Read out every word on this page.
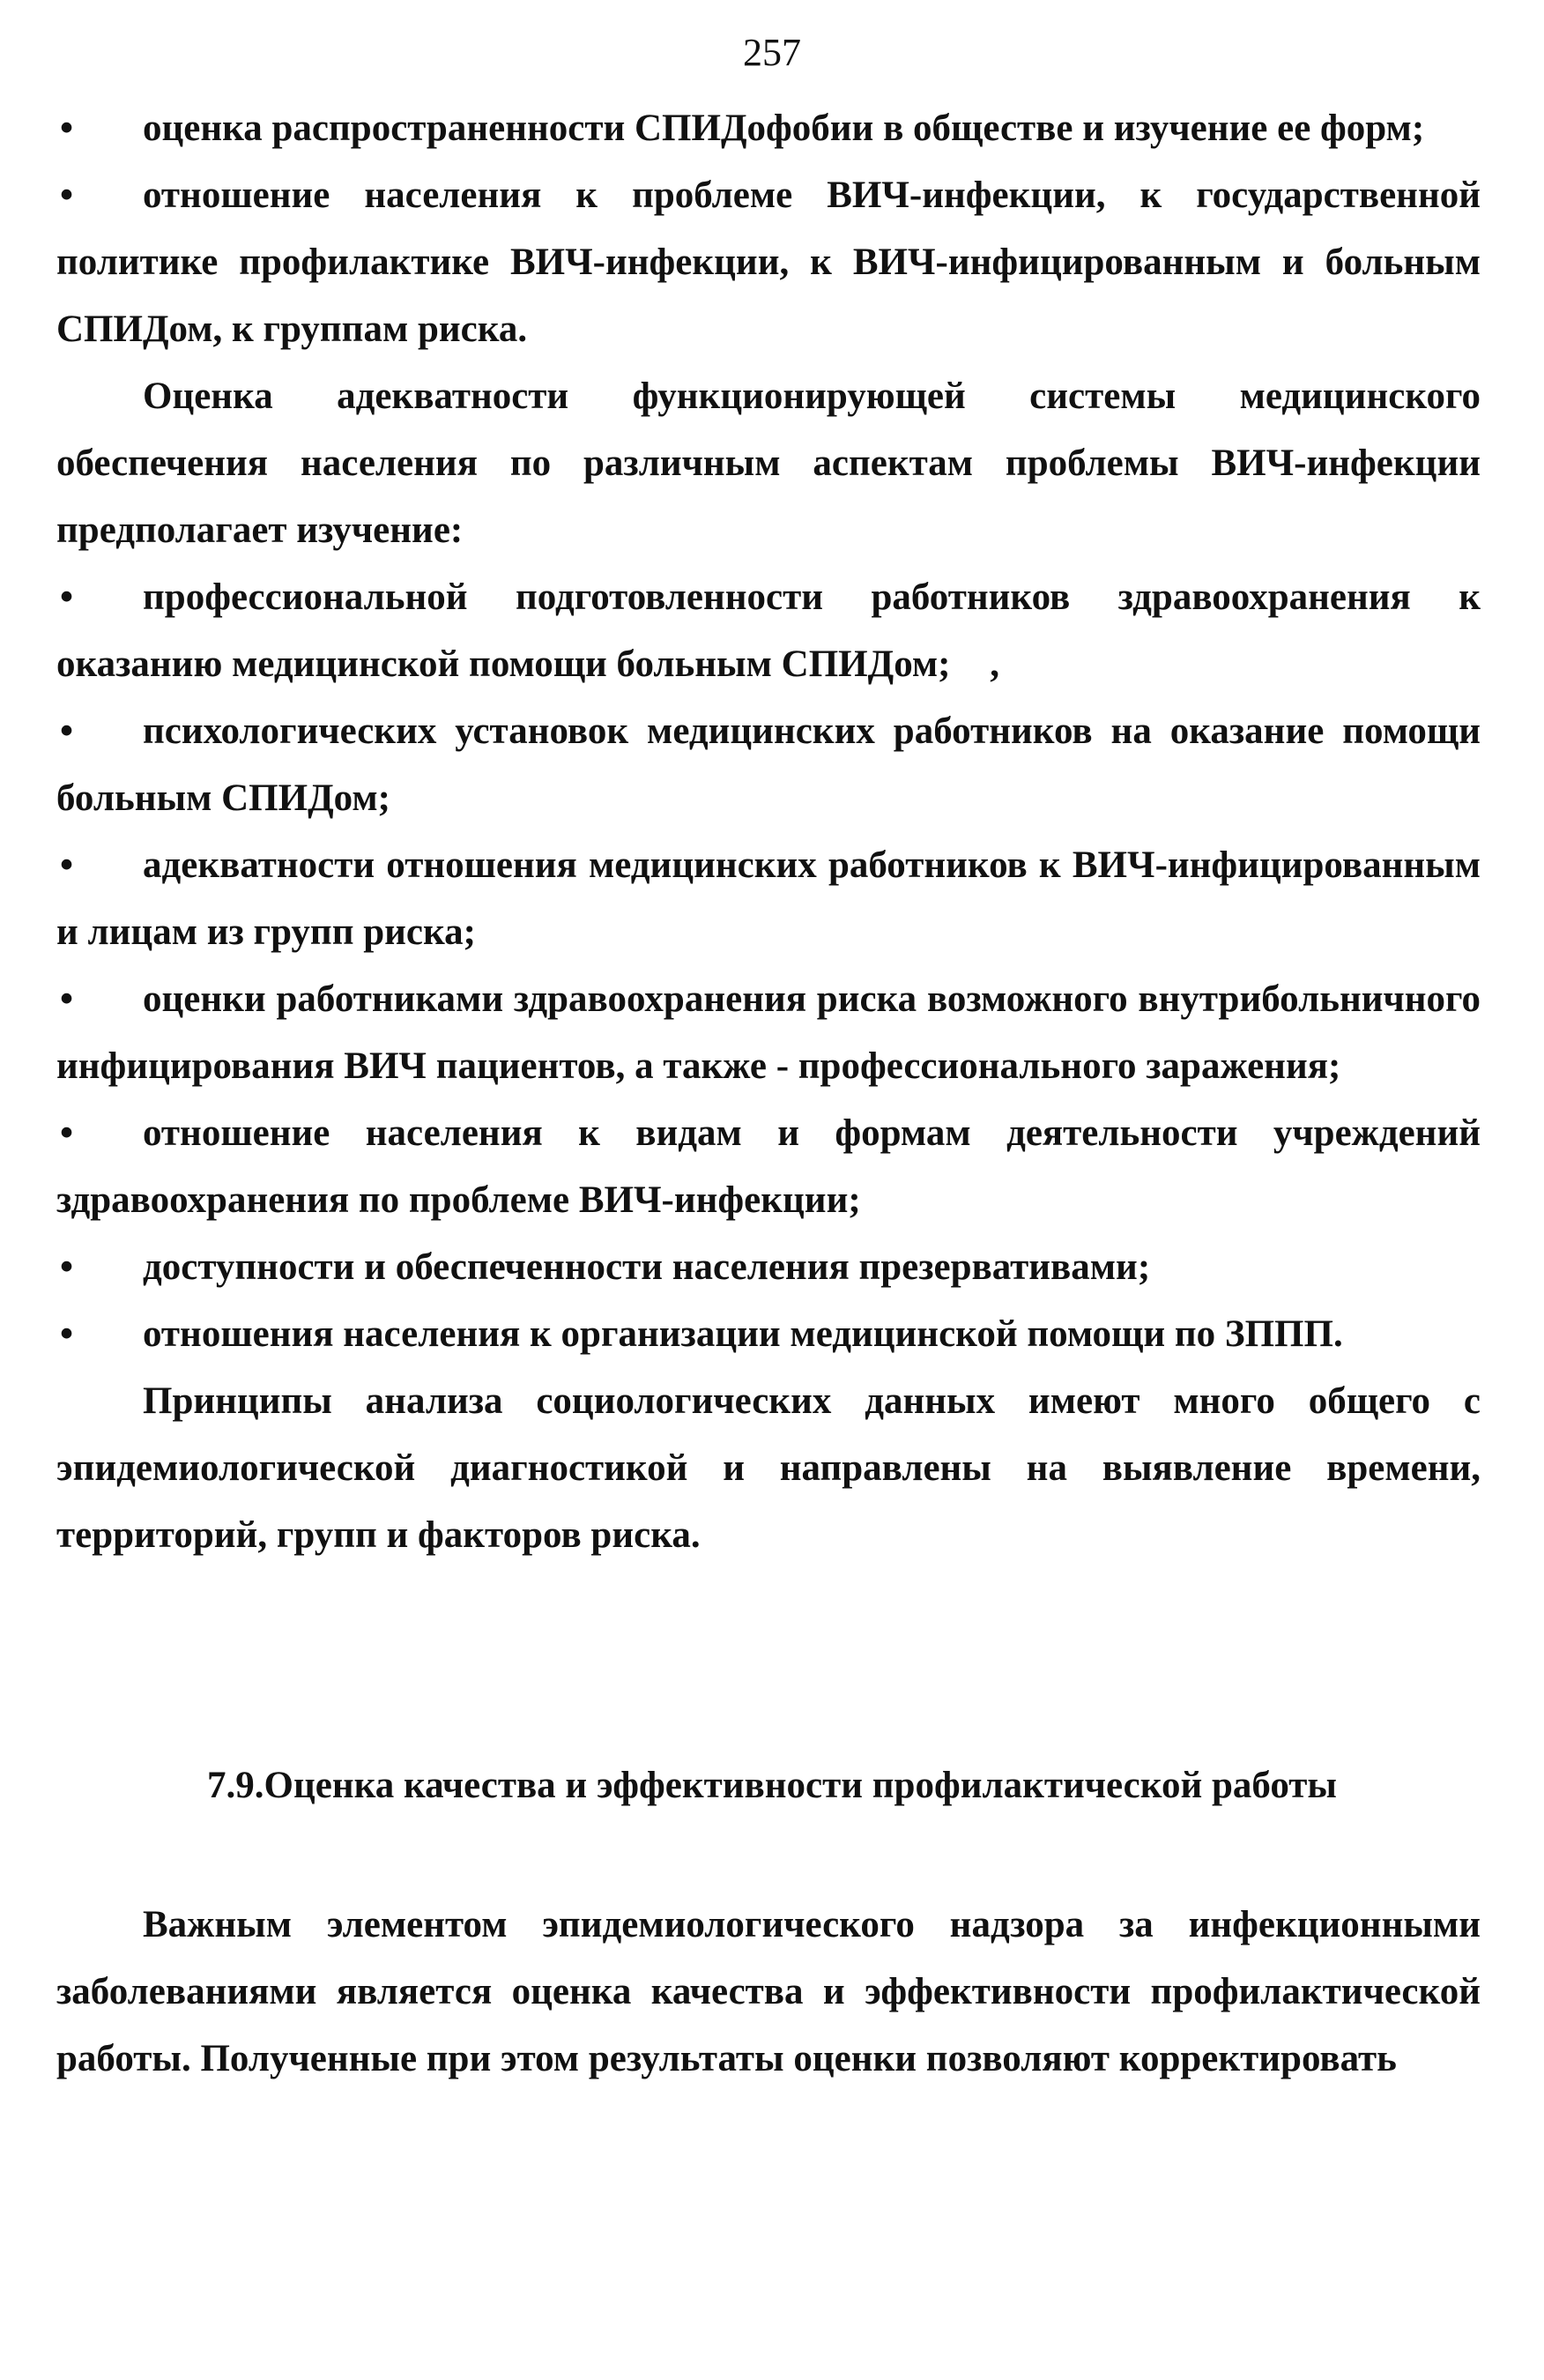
257

• оценка распространенности СПИДофобии в обществе и изучение ее форм;

• отношение населения к проблеме ВИЧ-инфекции, к государственной политике профилактике ВИЧ-инфекции, к ВИЧ-инфицированным и больным СПИДом, к группам риска.

Оценка адекватности функционирующей системы медицинского обеспечения населения по различным аспектам проблемы ВИЧ-инфекции предполагает изучение:

• профессиональной подготовленности работников здравоохранения к оказанию медицинской помощи больным СПИДом; ,

• психологических установок медицинских работников на оказание помощи больным СПИДом;

• адекватности отношения медицинских работников к ВИЧ-инфицированным и лицам из групп риска;

• оценки работниками здравоохранения риска возможного внутрибольничного инфицирования ВИЧ пациентов, а также - профессионального заражения;

• отношение населения к видам и формам деятельности учреждений здравоохранения по проблеме ВИЧ-инфекции;

• доступности и обеспеченности населения презервативами;

• отношения населения к организации медицинской помощи по ЗППП.

Принципы анализа социологических данных имеют много общего с эпидемиологической диагностикой и направлены на выявление времени, территорий, групп и факторов риска.

7.9.Оценка качества и эффективности профилактической работы

Важным элементом эпидемиологического надзора за инфекционными заболеваниями является оценка качества и эффективности профилактической работы. Полученные при этом результаты оценки позволяют корректировать
